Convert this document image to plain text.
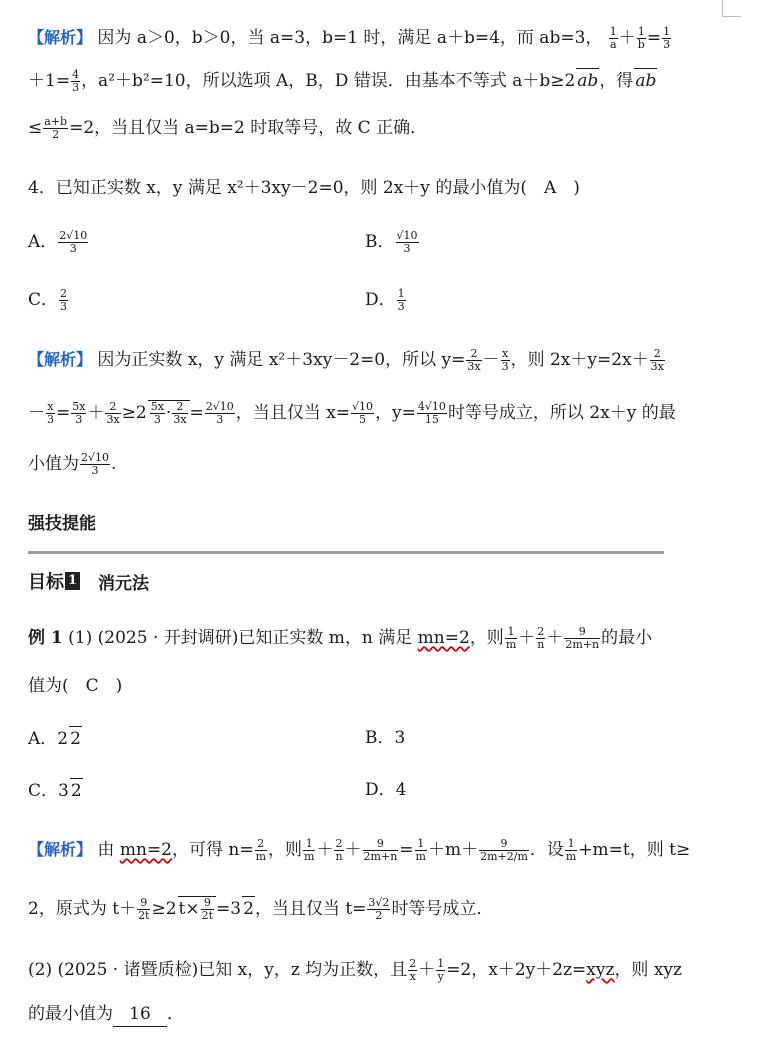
【解析】 因为 a＞0，b＞0，当 a=3，b=1 时，满足 a＋b=4，而 ab=3， $\frac{1}{a} + \frac{1}{b} = \frac{1}{3}$
$+1= \frac{4}{3}$ ，a²＋b²=10，所以选项 A，B，D 错误．由基本不等式 a＋b≥2 ab，得 ab
≤ $\frac{a+b}{2} =2$，当且仅当 a=b=2 时取等号，故 C 正确．
4．已知正实数 x，y 满足 x²＋3xy－2=0，则 2x＋y 的最小值为(　A　)
A． $\frac{2√10}{3}$	B． $\frac{√10}{3}$
C． $\frac{2}{3}$	D． $\frac{1}{3}$
【解析】 因为正实数 x，y 满足 x²＋3xy－2=0，所以 $y= \frac{2}{3x} - \frac{x}{3}$ ，则 $2x+y=2x+ \frac{2}{3x}$
－ $\frac{x}{3} = \frac{5x}{3} + \frac{2}{3x} \ge 2 \frac{5x}{3} \cdot \frac{2}{3x} = \frac{2√10}{3}$ ，当且仅当 $x= \frac{√10}{5}$ ，$y= \frac{4√10}{15}$ 时等号成立，所以 2x＋y 的最
小值为 $\frac{2√10}{3}$ .
强技提能
目标 1 消元法
例 1 (1) (2025 · 开封调研)已知正实数 m，n 满足 mn=2，则 $\frac{1}{m} + \frac{2}{n} + \frac{9}{2m+n}$ 的最小
值为(　C　)
A．2 2	B．3
C．3 2	D．4
【解析】 由 mn=2，可得 $n= \frac{2}{m}$ ，则 $\frac{1}{m} + \frac{2}{n} + \frac{9}{2m+n} = \frac{1}{m} +m+ \frac{9}{2m+2/m}$ ．设 $\frac{1}{m} +m=t$，则 t≥
2，原式为 $t+ \frac{9}{2t} \ge 2$ $t\times \frac{9}{2t} =3$ 2，当且仅当 $t= \frac{3√2}{2}$ 时等号成立．
(2) (2025 · 诸暨质检)已知 x，y，z 均为正数，且 $\frac{2}{x} + \frac{1}{y} =2$，x＋2y＋2z=xyz，则 xyz
的最小值为 16 ．
